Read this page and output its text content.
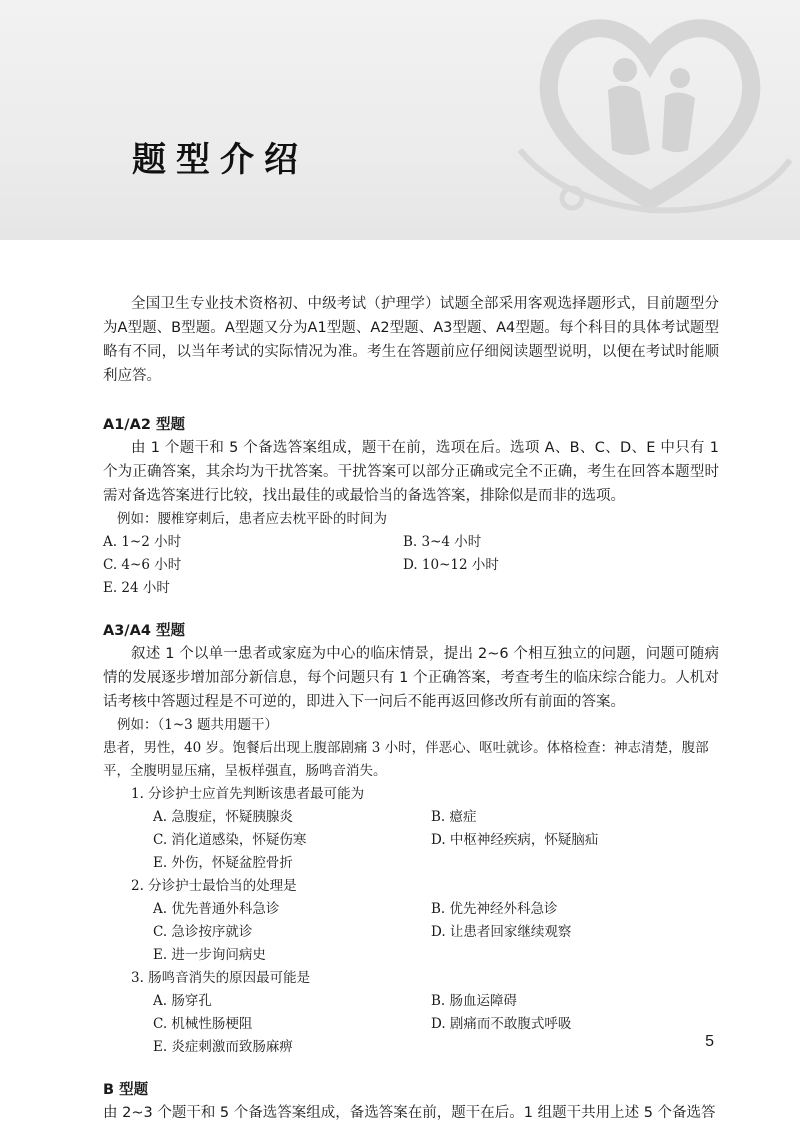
题型介绍

全国卫生专业技术资格初、中级考试（护理学）试题全部采用客观选择题形式，目前题型分为A型题、B型题。A型题又分为A1型题、A2型题、A3型题、A4型题。每个科目的具体考试题型略有不同，以当年考试的实际情况为准。考生在答题前应仔细阅读题型说明，以便在考试时能顺利应答。

A1/A2 型题

由 1 个题干和 5 个备选答案组成，题干在前，选项在后。选项 A、B、C、D、E 中只有 1 个为正确答案，其余均为干扰答案。干扰答案可以部分正确或完全不正确，考生在回答本题型时需对备选答案进行比较，找出最佳的或最恰当的备选答案，排除似是而非的选项。

例如：腰椎穿刺后，患者应去枕平卧的时间为

A. 1~2 小时	B. 3~4 小时
C. 4~6 小时	D. 10~12 小时
E. 24 小时
A3/A4 型题

叙述 1 个以单一患者或家庭为中心的临床情景，提出 2~6 个相互独立的问题，问题可随病情的发展逐步增加部分新信息，每个问题只有 1 个正确答案，考查考生的临床综合能力。人机对话考核中答题过程是不可逆的，即进入下一问后不能再返回修改所有前面的答案。

例如：（1~3 题共用题干）

患者，男性，40 岁。饱餐后出现上腹部剧痛 3 小时，伴恶心、呕吐就诊。体格检查：神志清楚，腹部平，全腹明显压痛，呈板样强直，肠鸣音消失。

1. 分诊护士应首先判断该患者最可能为

A. 急腹症，怀疑胰腺炎	B. 癔症
C. 消化道感染，怀疑伤寒	D. 中枢神经疾病，怀疑脑疝
E. 外伤，怀疑盆腔骨折

2. 分诊护士最恰当的处理是

A. 优先普通外科急诊	B. 优先神经外科急诊
C. 急诊按序就诊	D. 让患者回家继续观察
E. 进一步询问病史

3. 肠鸣音消失的原因最可能是

A. 肠穿孔	B. 肠血运障碍
C. 机械性肠梗阻	D. 剧痛而不敢腹式呼吸
E. 炎症刺激而致肠麻痹
B 型题

由 2~3 个题干和 5 个备选答案组成，备选答案在前，题干在后。1 组题干共用上述 5 个备选答

5
